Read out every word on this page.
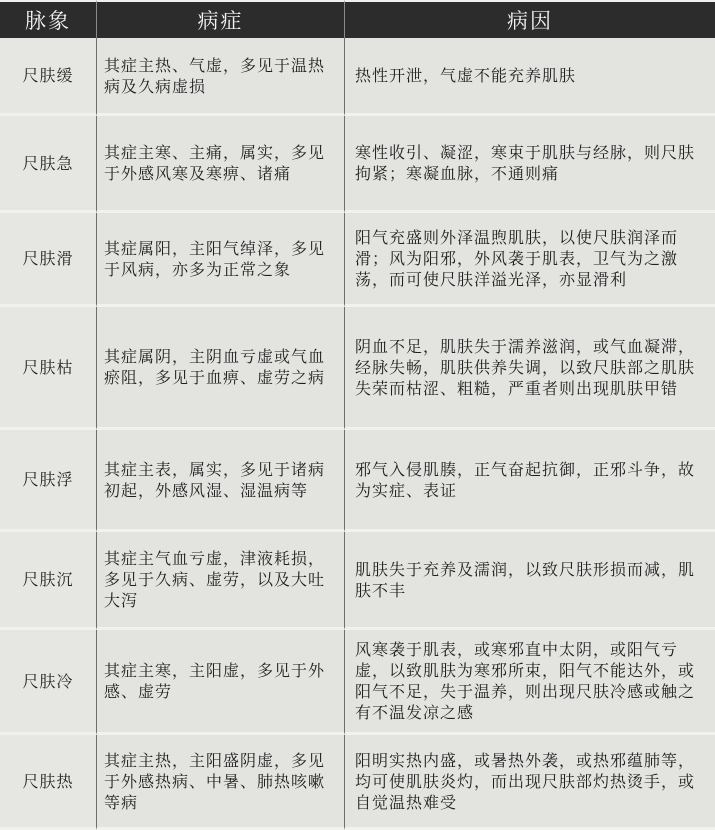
脉象	病症	病因
尺肤缓
其症主热、气虚，多见于温热病及久病虚损
热性开泄，气虚不能充养肌肤
尺肤急
其症主寒、主痛，属实，多见于外感风寒及寒痹、诸痛
寒性收引、凝涩，寒束于肌肤与经脉，则尺肤拘紧；寒凝血脉，不通则痛
尺肤滑
其症属阳，主阳气绰泽，多见于风病，亦多为正常之象
阳气充盛则外泽温煦肌肤，以使尺肤润泽而滑；风为阳邪，外风袭于肌表，卫气为之激荡，而可使尺肤洋溢光泽，亦显滑利
尺肤枯
其症属阴，主阴血亏虚或气血瘀阻，多见于血痹、虚劳之病
阴血不足，肌肤失于濡养滋润，或气血凝滞，经脉失畅，肌肤供养失调，以致尺肤部之肌肤失荣而枯涩、粗糙，严重者则出现肌肤甲错
尺肤浮
其症主表，属实，多见于诸病初起，外感风湿、湿温病等
邪气入侵肌腠，正气奋起抗御，正邪斗争，故为实症、表证
尺肤沉
其症主气血亏虚，津液耗损，多见于久病、虚劳，以及大吐大泻
肌肤失于充养及濡润，以致尺肤形损而减，肌肤不丰
尺肤冷
其症主寒，主阳虚，多见于外感、虚劳
风寒袭于肌表，或寒邪直中太阴，或阳气亏虚，以致肌肤为寒邪所束，阳气不能达外，或阳气不足，失于温养，则出现尺肤冷感或触之有不温发凉之感
尺肤热
其症主热，主阳盛阴虚，多见于外感热病、中暑、肺热咳嗽等病
阳明实热内盛，或暑热外袭，或热邪蕴肺等，均可使肌肤炎灼，而出现尺肤部灼热烫手，或自觉温热难受
